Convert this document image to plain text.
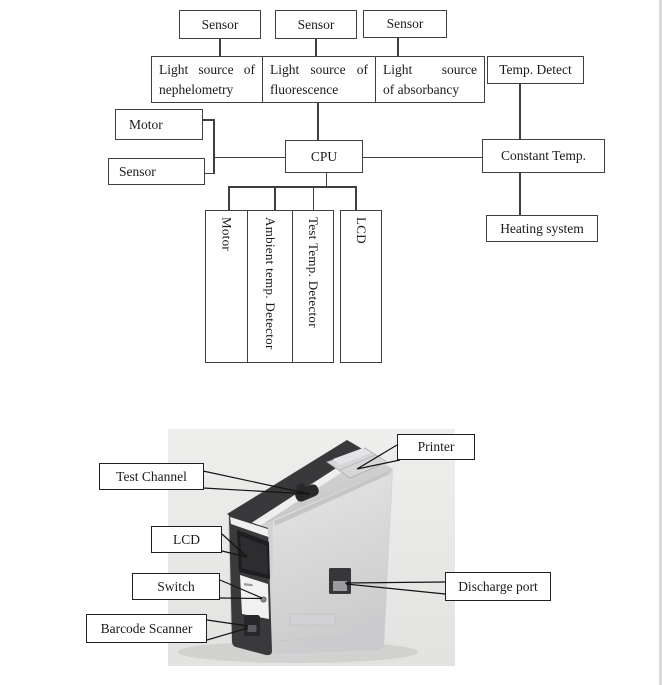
Sensor	Sensor	Sensor
Light source of
nephelometry
Light source of
fluorescence
Light source
of absorbancy
Temp. Detect
Motor
Sensor
CPU	Constant Temp.
Heating system
Motor Ambient temp. Detector Test Temp. Detector	LCD
Printer
Test Channel
LCD
Switch
Barcode Scanner
Discharge port
